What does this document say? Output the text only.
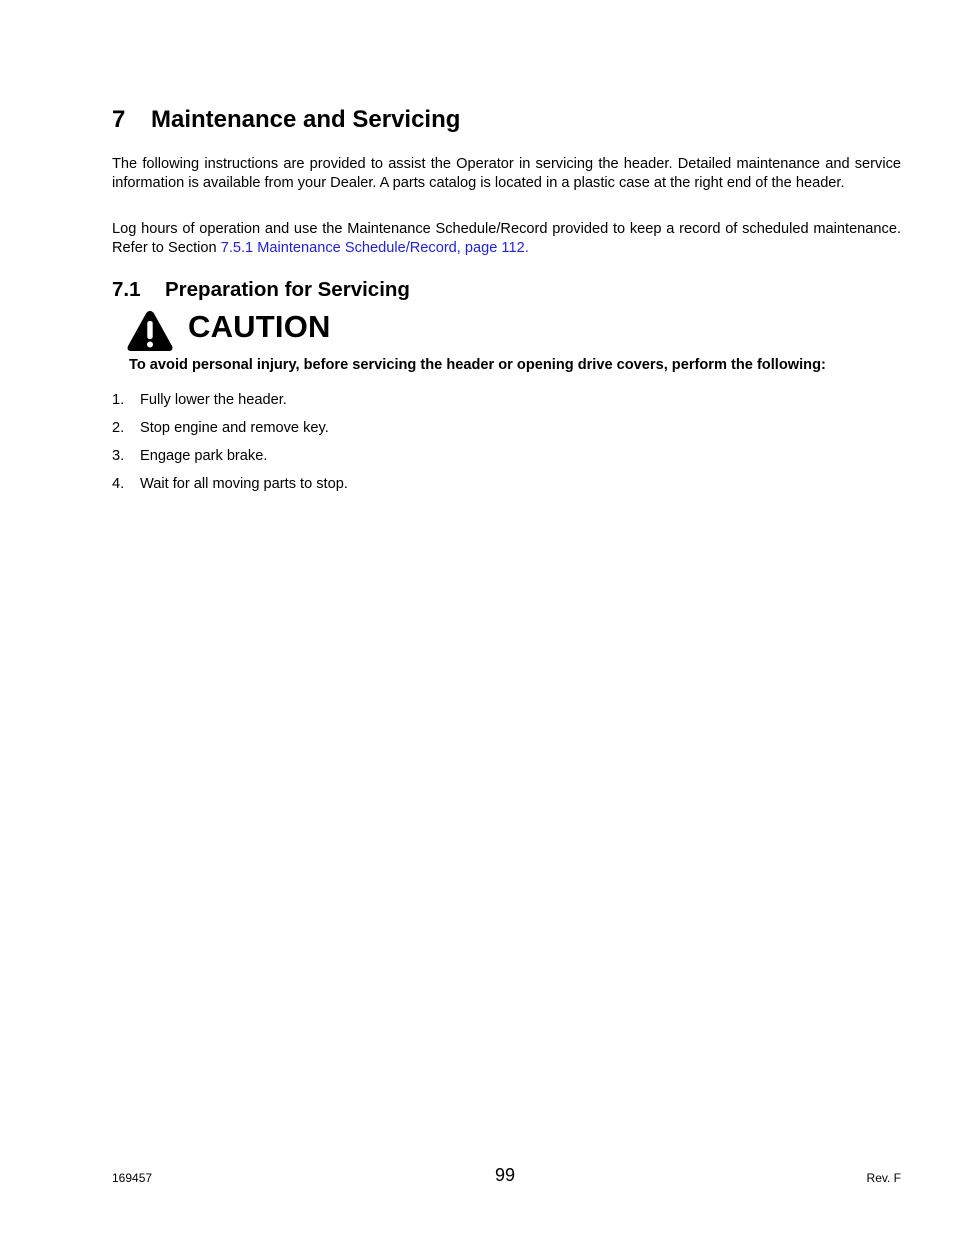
7 Maintenance and Servicing

The following instructions are provided to assist the Operator in servicing the header. Detailed maintenance and service information is available from your Dealer. A parts catalog is located in a plastic case at the right end of the header.

Log hours of operation and use the Maintenance Schedule/Record provided to keep a record of scheduled maintenance. Refer to Section 7.5.1 Maintenance Schedule/Record, page 112.

7.1 Preparation for Servicing

CAUTION

To avoid personal injury, before servicing the header or opening drive covers, perform the following:

1. Fully lower the header.
2. Stop engine and remove key.
3. Engage park brake.
4. Wait for all moving parts to stop.
169457	99	Rev. F
